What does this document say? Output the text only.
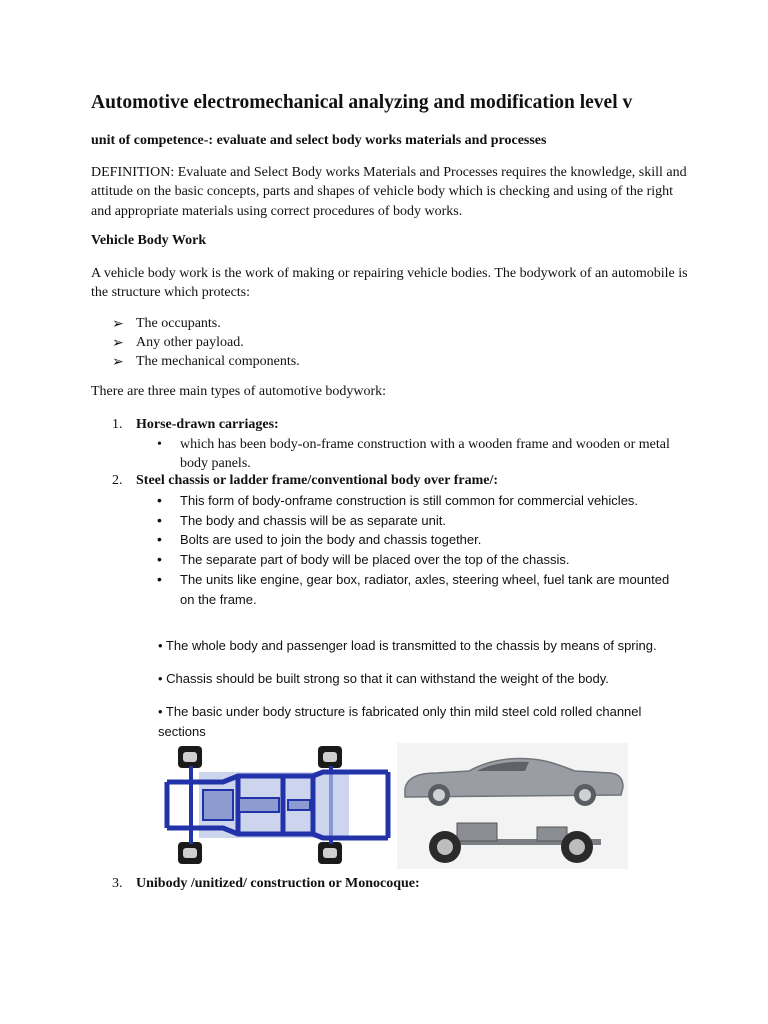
Automotive electromechanical analyzing and modification level v

unit of competence-: evaluate and select body works materials and processes

DEFINITION: Evaluate and Select Body works Materials and Processes requires the knowledge, skill and attitude on the basic concepts, parts and shapes of vehicle body which is checking and using of the right and appropriate materials using correct procedures of body works.

Vehicle Body Work

A vehicle body work is the work of making or repairing vehicle bodies. The bodywork of an automobile is the structure which protects:

➢ The occupants.
➢ Any other payload.
➢ The mechanical components.

There are three main types of automotive bodywork:

1. Horse-drawn carriages:
• which has been body-on-frame construction with a wooden frame and wooden or metal body panels.
2. Steel chassis or ladder frame/conventional body over frame/:
• This form of body-onframe construction is still common for commercial vehicles.
• The body and chassis will be as separate unit.
• Bolts are used to join the body and chassis together.
• The separate part of body will be placed over the top of the chassis.
• The units like engine, gear box, radiator, axles, steering wheel, fuel tank are mounted on the frame.

• The whole body and passenger load is transmitted to the chassis by means of spring.

• Chassis should be built strong so that it can withstand the weight of the body.

• The basic under body structure is fabricated only thin mild steel cold rolled channel sections

3. Unibody /unitized/ construction or Monocoque:
